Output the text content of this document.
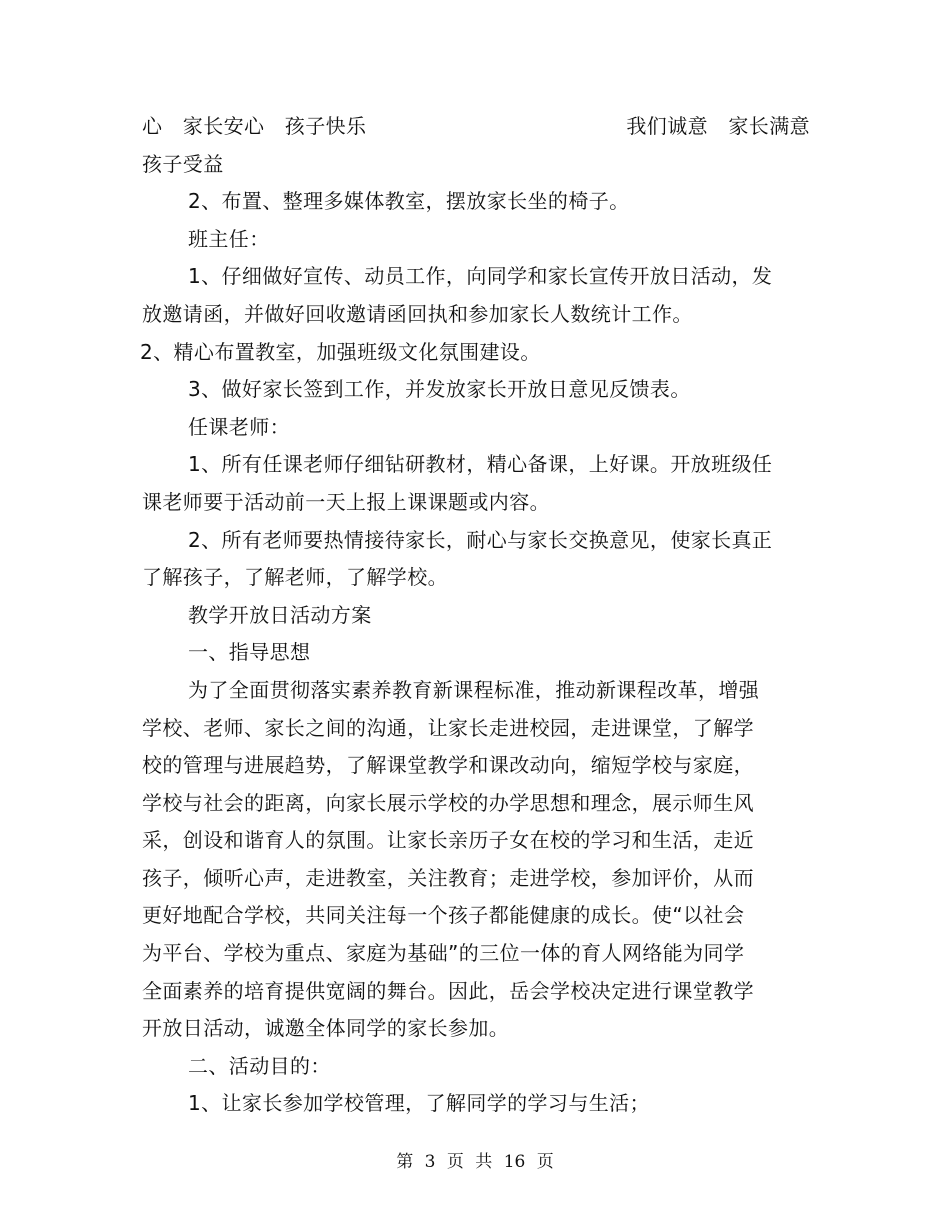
心　家长安心　孩子快乐	我们诚意　家长满意
孩子受益
2、布置、整理多媒体教室，摆放家长坐的椅子。
班主任：
1、仔细做好宣传、动员工作，向同学和家长宣传开放日活动，发
放邀请函，并做好回收邀请函回执和参加家长人数统计工作。
2、精心布置教室，加强班级文化氛围建设。
3、做好家长签到工作，并发放家长开放日意见反馈表。
任课老师：
1、所有任课老师仔细钻研教材，精心备课，上好课。开放班级任
课老师要于活动前一天上报上课课题或内容。
2、所有老师要热情接待家长，耐心与家长交换意见，使家长真正
了解孩子，了解老师，了解学校。
教学开放日活动方案
一、指导思想
为了全面贯彻落实素养教育新课程标准，推动新课程改革，增强
学校、老师、家长之间的沟通，让家长走进校园，走进课堂，了解学
校的管理与进展趋势，了解课堂教学和课改动向，缩短学校与家庭，
学校与社会的距离，向家长展示学校的办学思想和理念，展示师生风
采，创设和谐育人的氛围。让家长亲历子女在校的学习和生活，走近
孩子，倾听心声，走进教室，关注教育；走进学校，参加评价，从而
更好地配合学校，共同关注每一个孩子都能健康的成长。使“以社会
为平台、学校为重点、家庭为基础”的三位一体的育人网络能为同学
全面素养的培育提供宽阔的舞台。因此，岳会学校决定进行课堂教学
开放日活动，诚邀全体同学的家长参加。
二、活动目的：
1、让家长参加学校管理，了解同学的学习与生活；
第 3 页 共 16 页
